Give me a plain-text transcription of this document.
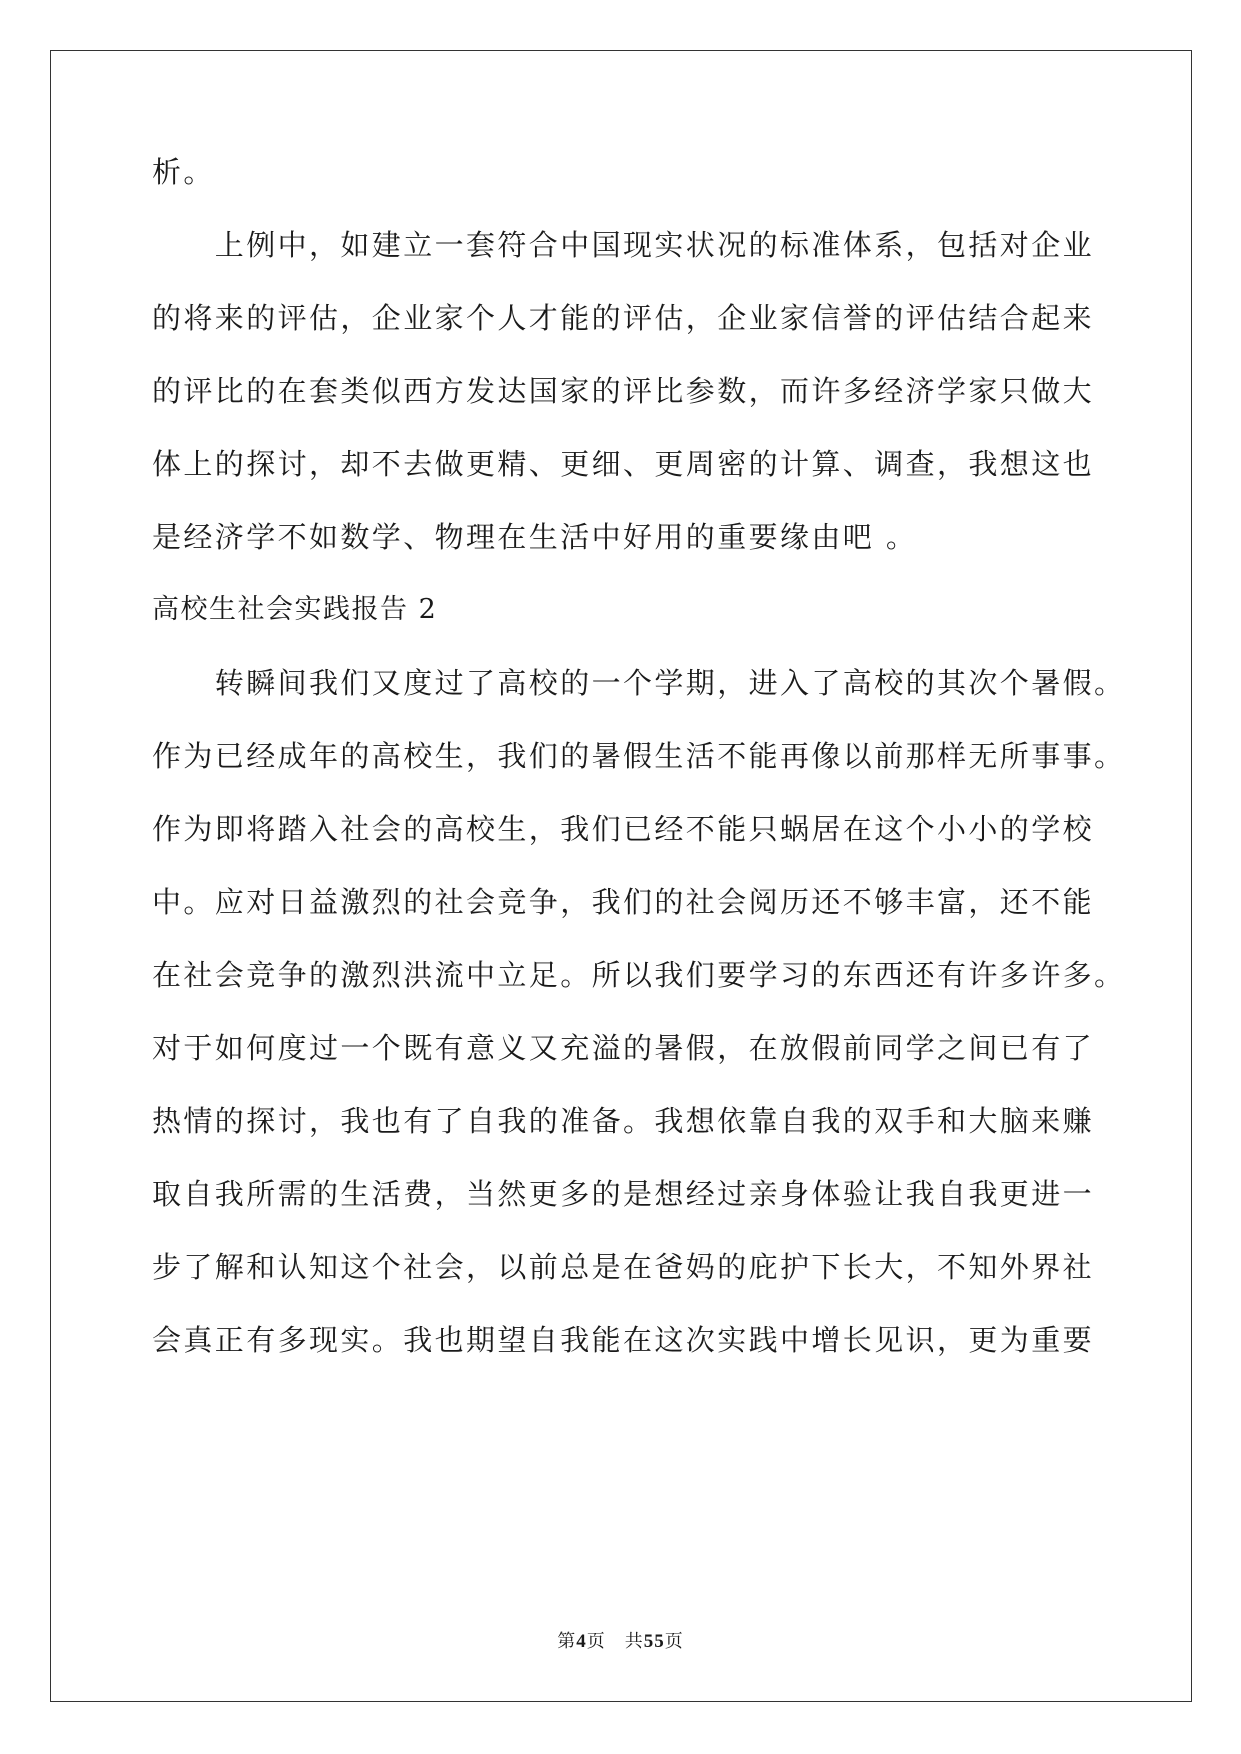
析。
　　上例中，如建立一套符合中国现实状况的标准体系，包括对企业
的将来的评估，企业家个人才能的评估，企业家信誉的评估结合起来
的评比的在套类似西方发达国家的评比参数，而许多经济学家只做大
体上的探讨，却不去做更精、更细、更周密的计算、调查，我想这也
是经济学不如数学、物理在生活中好用的重要缘由吧 。
高校生社会实践报告 2
　　转瞬间我们又度过了高校的一个学期，进入了高校的其次个暑假。
作为已经成年的高校生，我们的暑假生活不能再像以前那样无所事事。
作为即将踏入社会的高校生，我们已经不能只蜗居在这个小小的学校
中。应对日益激烈的社会竞争，我们的社会阅历还不够丰富，还不能
在社会竞争的激烈洪流中立足。所以我们要学习的东西还有许多许多。
对于如何度过一个既有意义又充溢的暑假，在放假前同学之间已有了
热情的探讨，我也有了自我的准备。我想依靠自我的双手和大脑来赚
取自我所需的生活费，当然更多的是想经过亲身体验让我自我更进一
步了解和认知这个社会，以前总是在爸妈的庇护下长大，不知外界社
会真正有多现实。我也期望自我能在这次实践中增长见识，更为重要
第4页　共55页
